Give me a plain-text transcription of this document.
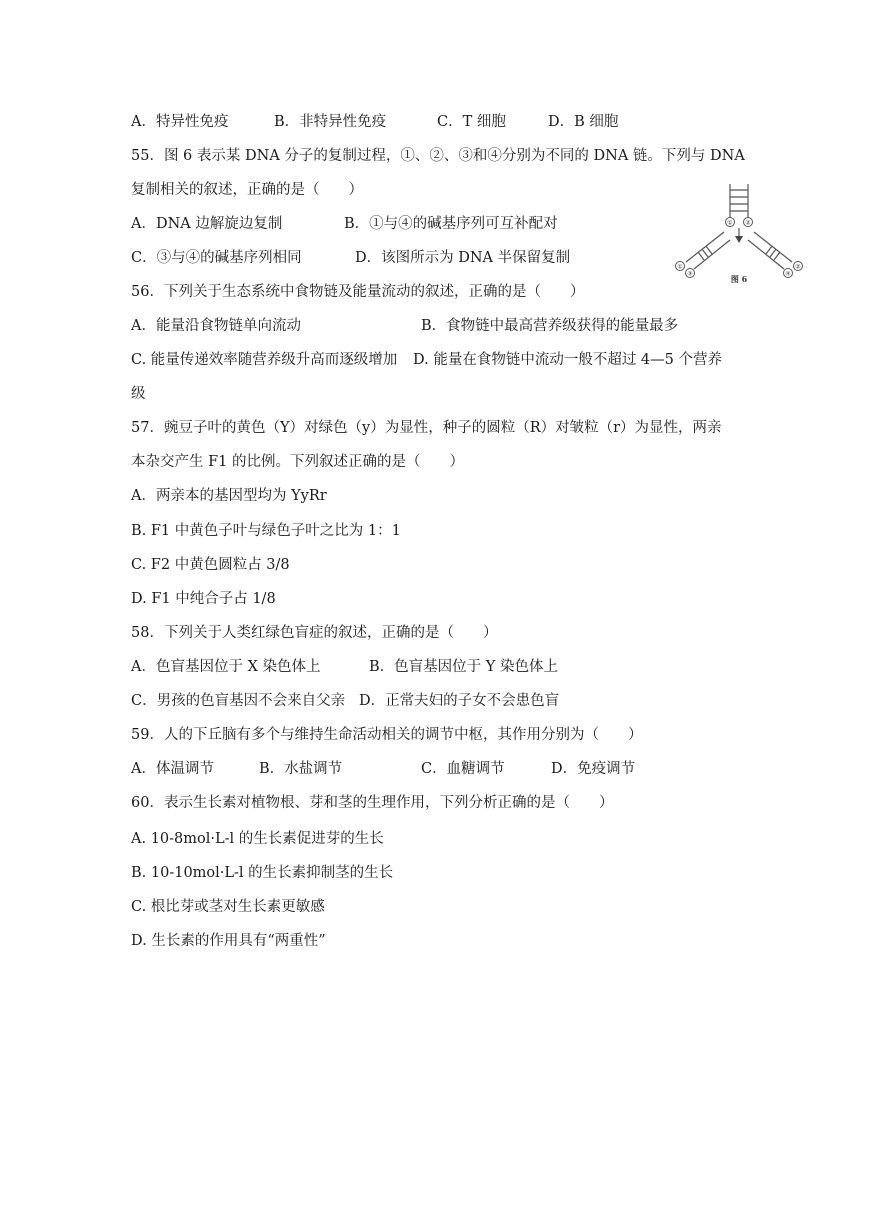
A．特异性免疫	B．非特异性免疫	C．T 细胞	D．B 细胞
55．图 6 表示某 DNA 分子的复制过程，①、②、③和④分别为不同的 DNA 链。下列与 DNA
复制相关的叙述，正确的是（　　）
A．DNA 边解旋边复制	B．①与④的碱基序列可互补配对
C．③与④的碱基序列相同	D．该图所示为 DNA 半保留复制
① ②
①
③
②
④
图 6
56．下列关于生态系统中食物链及能量流动的叙述，正确的是（　　）
A．能量沿食物链单向流动	B．食物链中最高营养级获得的能量最多
C. 能量传递效率随营养级升高而逐级增加 D. 能量在食物链中流动一般不超过 4—5 个营养
级
57．豌豆子叶的黄色（Y）对绿色（y）为显性，种子的圆粒（R）对皱粒（r）为显性，两亲
本杂交产生 F1 的比例。下列叙述正确的是（　　）
A．两亲本的基因型均为 YyRr
B. F1 中黄色子叶与绿色子叶之比为 1：1
C. F2 中黄色圆粒占 3/8
D. F1 中纯合子占 1/8
58．下列关于人类红绿色盲症的叙述，正确的是（　　）
A．色盲基因位于 X 染色体上	B．色盲基因位于 Y 染色体上
C．男孩的色盲基因不会来自父亲 D．正常夫妇的子女不会患色盲
59．人的下丘脑有多个与维持生命活动相关的调节中枢，其作用分别为（　　）
A．体温调节	B．水盐调节	C．血糖调节	D．免疫调节
60．表示生长素对植物根、芽和茎的生理作用，下列分析正确的是（　　）
A. 10-8mol·L-l 的生长素促进芽的生长
B. 10-10mol·L-l 的生长素抑制茎的生长
C. 根比芽或茎对生长素更敏感
D. 生长素的作用具有“两重性”
